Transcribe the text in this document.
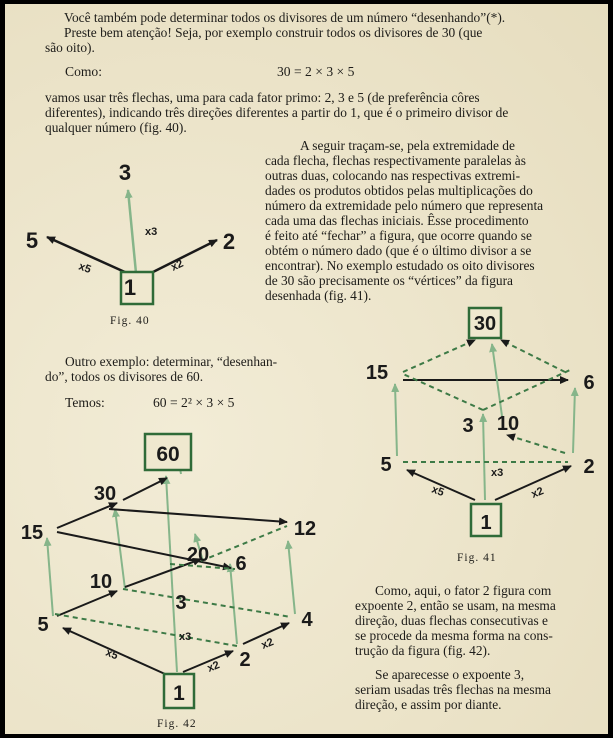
Você também pode determinar todos os divisores de um número “desenhando”(*).

Preste bem atenção! Seja, por exemplo construir todos os divisores de 30 (que

são oito).

Como:	30 = 2 × 3 × 5

vamos usar três flechas, uma para cada fator primo: 2, 3 e 5 (de preferência côres

diferentes), indicando três direções diferentes a partir do 1, que é o primeiro divisor de

qualquer número (fig. 40).

A seguir traçam-se, pela extremidade de

cada flecha, flechas respectivamente paralelas às

outras duas, colocando nas respectivas extremi-

dades os produtos obtidos pelas multiplicações do

número da extremidade pelo número que representa

cada uma das flechas iniciais. Êsse procedimento

é feito até “fechar” a figura, que ocorre quando se

obtém o número dado (que é o último divisor a se

encontrar). No exemplo estudado os oito divisores

de 30 são precisamente os “vértices” da figura

desenhada (fig. 41).

1
3
5	2
x3
x5	x2
Fig. 40

Outro exemplo: determinar, “desenhan-

do”, todos os divisores de 60.

Temos:	60 = 2² × 3 × 5
30
15	6
3 10
5	2
1
x3
x5	x2
Fig. 41
60
30
15	12
20 6
10
3
5	4
2
1
x5
x3
x2
x2
Fig. 42

Como, aqui, o fator 2 figura com

expoente 2, então se usam, na mesma

direção, duas flechas consecutivas e

se procede da mesma forma na cons-

trução da figura (fig. 42).

Se aparecesse o expoente 3,

seriam usadas três flechas na mesma

direção, e assim por diante.
